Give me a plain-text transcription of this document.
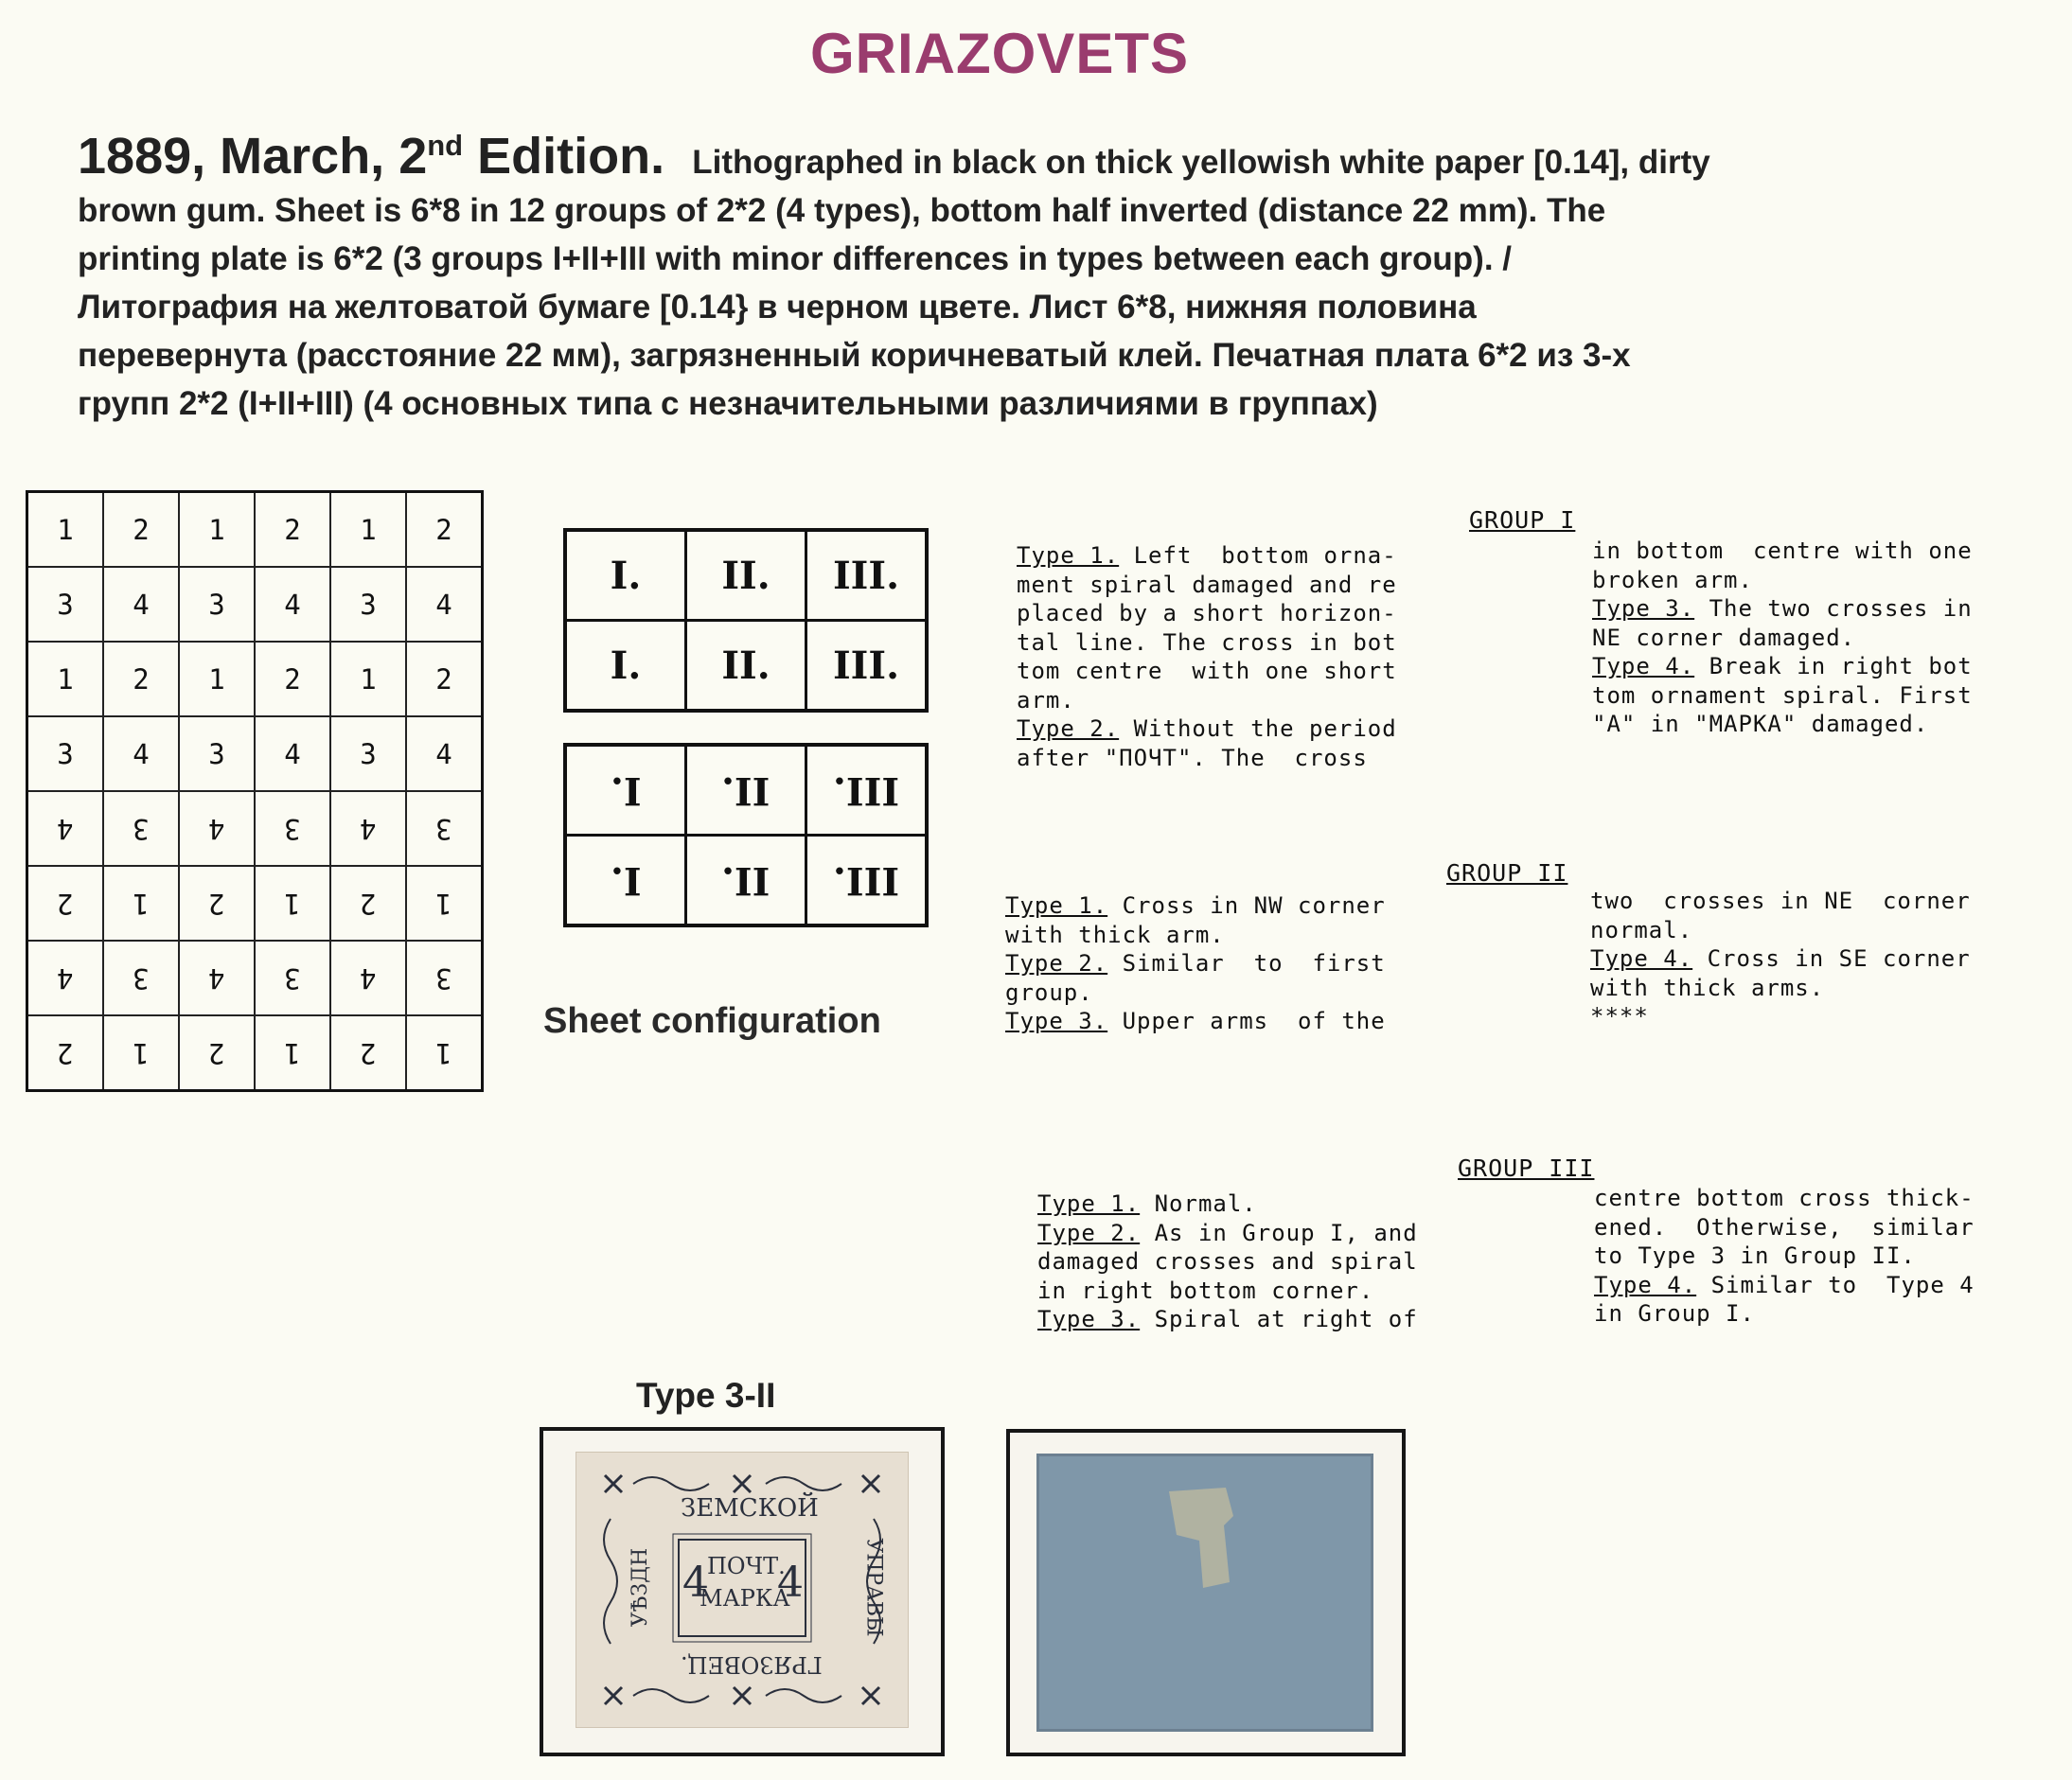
GRIAZOVETS

1889, March, 2nd Edition. Lithographed in black on thick yellowish white paper [0.14], dirty

brown gum. Sheet is 6*8 in 12 groups of 2*2 (4 types), bottom half inverted (distance 22 mm). The

printing plate is 6*2 (3 groups I+II+III with minor differences in types between each group). /

Литография на желтоватой бумаге [0.14} в черном цвете. Лист 6*8, нижняя половина

перевернута (расстояние 22 мм), загрязненный коричневатый клей. Печатная плата 6*2 из 3-х

групп 2*2 (I+II+III) (4 основных типа с незначительными различиями в группах)

1	2	1	2	1	2
3	4	3	4	3	4
1	2	1	2	1	2
3	4	3	4	3	4
4	3	4	3	4	3
2	1	2	1	2	1
4	3	4	3	4	3
2	1	2	1	2	1
I.	II.	III.
I.	II.	III.
I.	II.	III.
I.	II.	III.
Sheet configuration
GROUP I

Type 1. Left  bottom orna-

ment spiral damaged and re

placed by a short horizon-

tal line. The cross in bot

tom centre  with one short

arm.

Type 2. Without the period

after "ПОЧТ". The  cross

in bottom  centre with one

broken arm.

Type 3. The two crosses in

NE corner damaged.

Type 4. Break in right bot

tom ornament spiral. First

"A" in "MAPKA" damaged.

GROUP II

Type 1. Cross in NW corner

with thick arm.

Type 2. Similar  to  first

group.

Type 3. Upper arms  of the

two  crosses in NE  corner

normal.

Type 4. Cross in SE corner

with thick arms.

****

GROUP III

Type 1. Normal.

Type 2. As in Group I, and

damaged crosses and spiral

in right bottom corner.

Type 3. Spiral at right of

centre bottom cross thick-

ened.  Otherwise,  similar

to Type 3 in Group II.

Type 4. Similar to  Type 4

in Group I.

Type 3-II
ЗЕМСКОЙ
ПОЧТ.
МАРКА
4 4
ГРЯЗОВЕЦ.
УѢЗДН	УПРАВЫ
